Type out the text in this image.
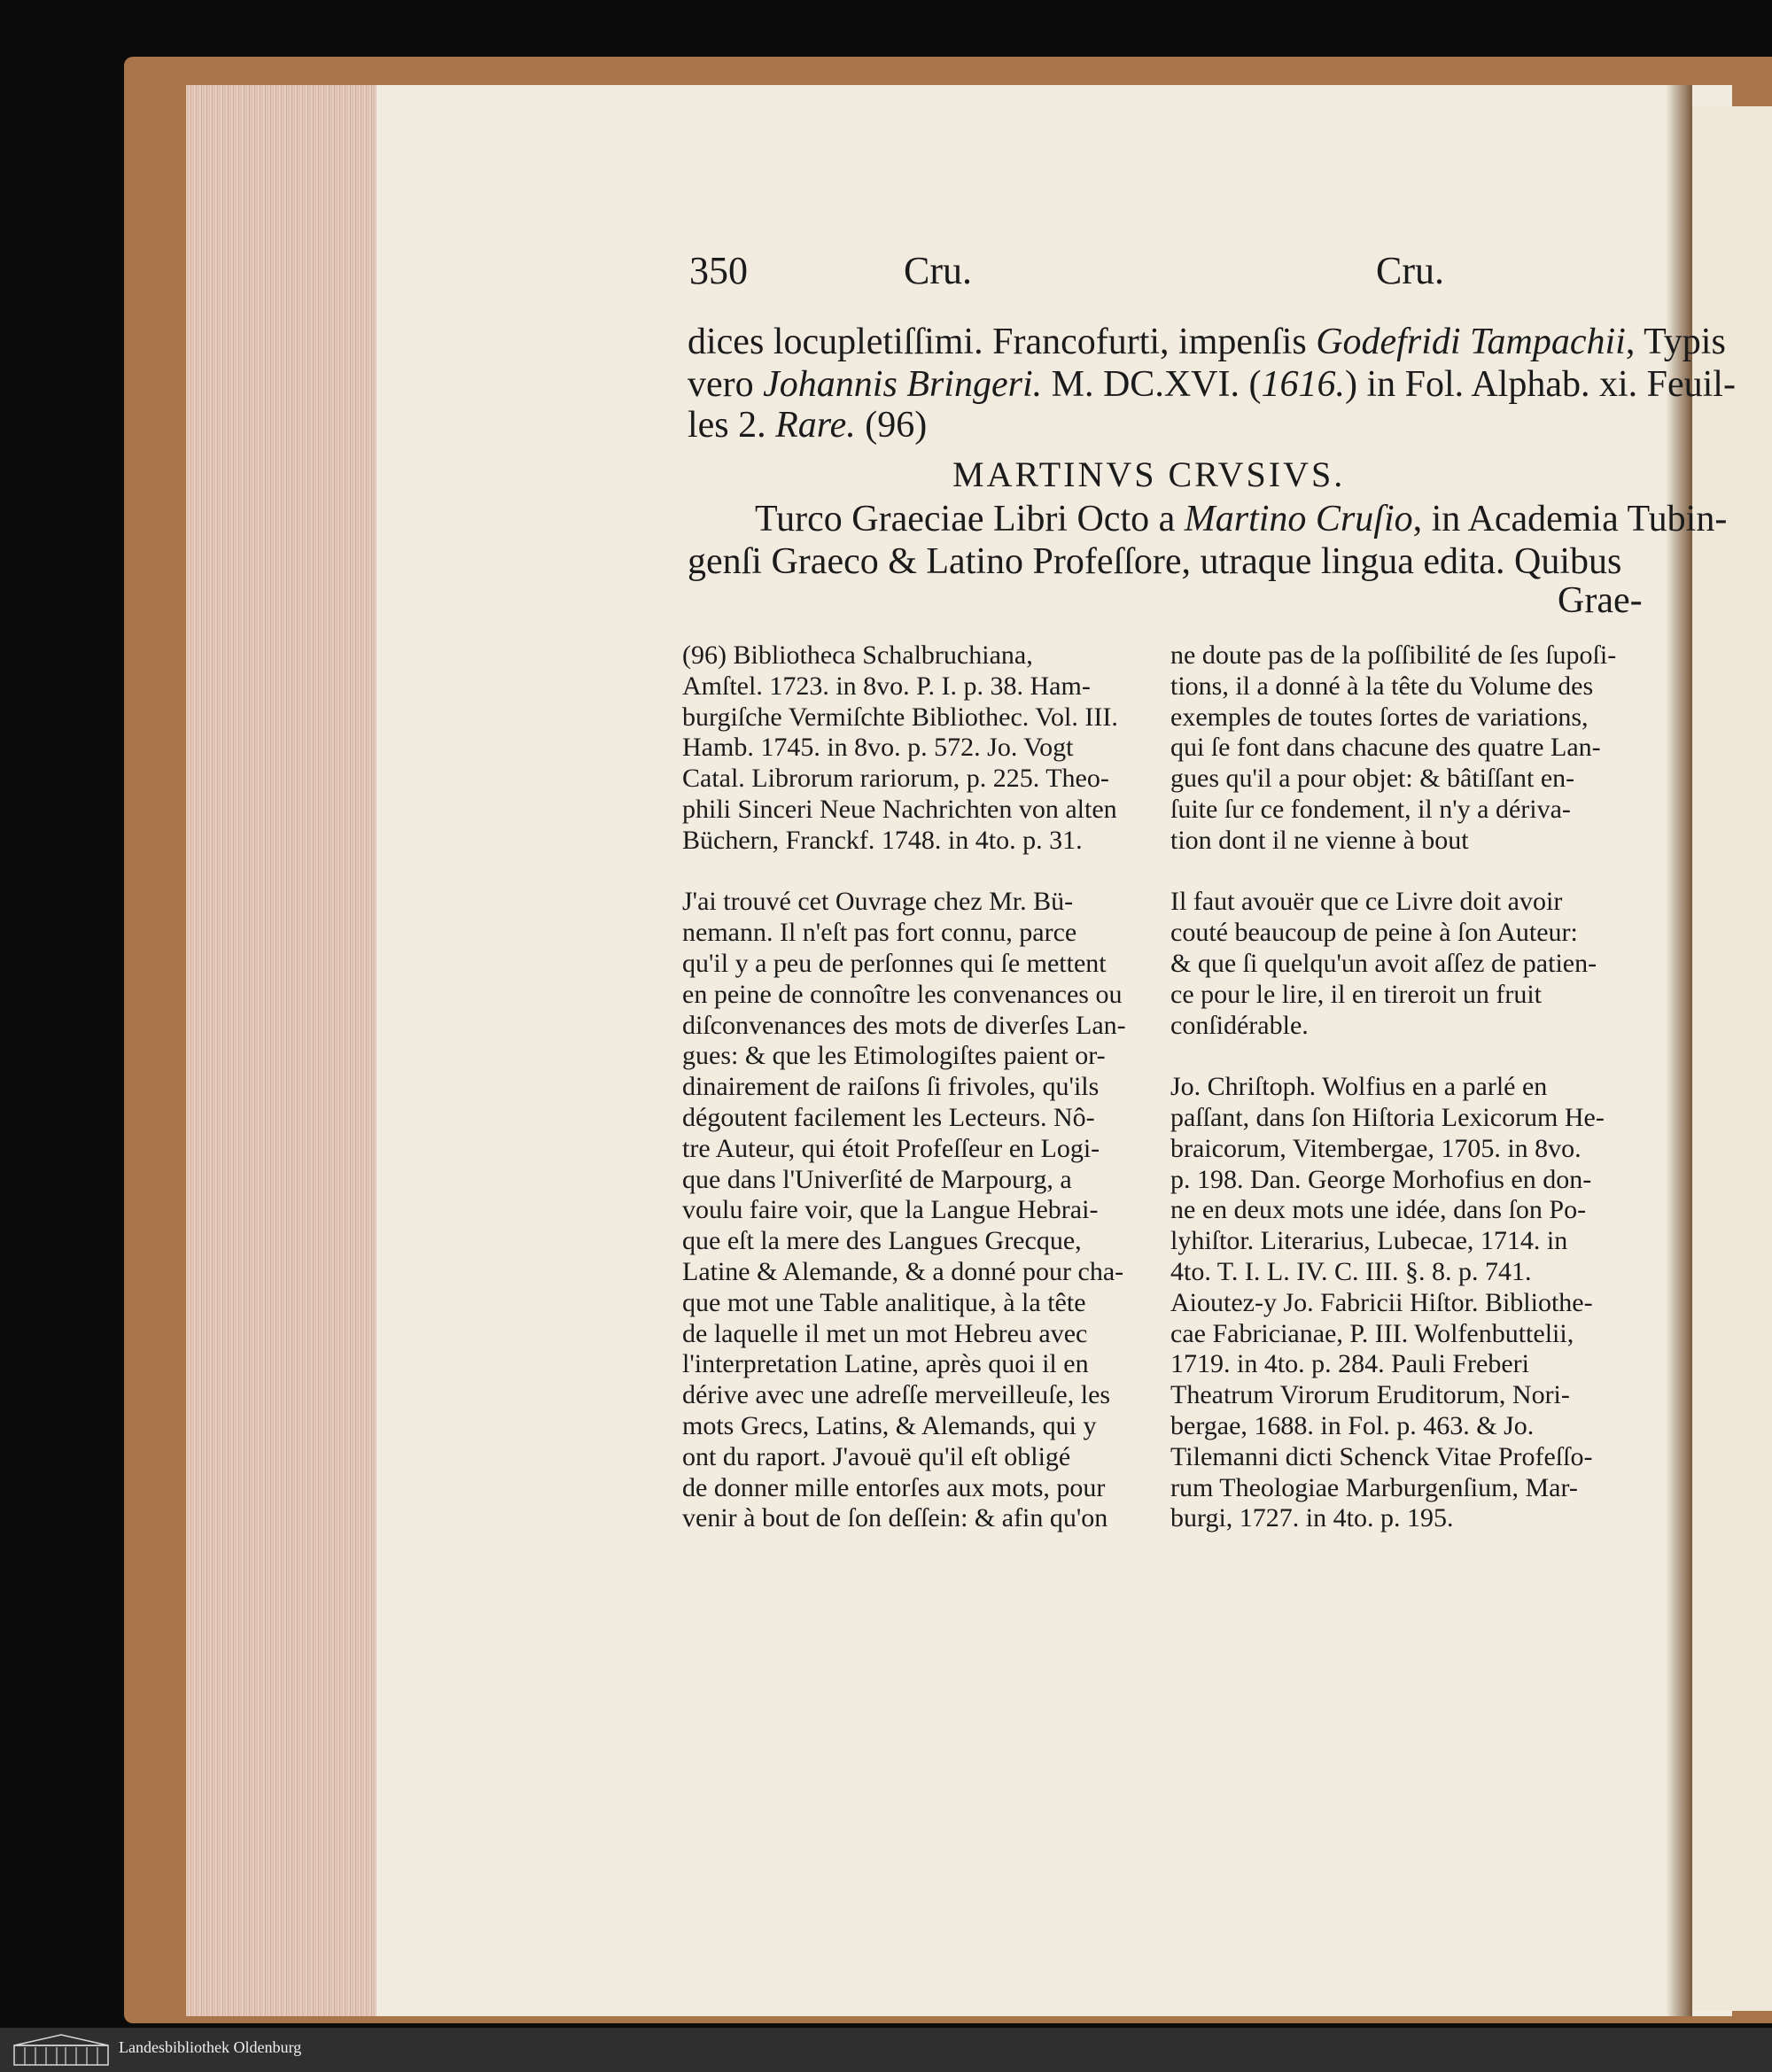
350	Cru.	Cru.
dices locupletiſſimi. Francofurti, impenſis Godefridi Tampachii, Typis
vero Johannis Bringeri. M. DC.XVI. (1616.) in Fol. Alphab. xi. Feuil-
les 2. Rare. (96)
MARTINVS CRVSIVS.
Turco Graeciae Libri Octo a Martino Cruſio, in Academia Tubin-
genſi Graeco & Latino Profeſſore, utraque lingua edita. Quibus
Grae-
(96) Bibliotheca Schalbruchiana,
Amſtel. 1723. in 8vo. P. I. p. 38. Ham-
burgiſche Vermiſchte Bibliothec. Vol. III.
Hamb. 1745. in 8vo. p. 572. Jo. Vogt
Catal. Librorum rariorum, p. 225. Theo-
phili Sinceri Neue Nachrichten von alten
Büchern, Franckf. 1748. in 4to. p. 31.
J'ai trouvé cet Ouvrage chez Mr. Bü-
nemann. Il n'eſt pas fort connu, parce
qu'il y a peu de perſonnes qui ſe mettent
en peine de connoître les convenances ou
diſconvenances des mots de diverſes Lan-
gues: & que les Etimologiſtes paient or-
dinairement de raiſons ſi frivoles, qu'ils
dégoutent facilement les Lecteurs. Nô-
tre Auteur, qui étoit Profeſſeur en Logi-
que dans l'Univerſité de Marpourg, a
voulu faire voir, que la Langue Hebrai-
que eſt la mere des Langues Grecque,
Latine & Alemande, & a donné pour cha-
que mot une Table analitique, à la tête
de laquelle il met un mot Hebreu avec
l'interpretation Latine, après quoi il en
dérive avec une adreſſe merveilleuſe, les
mots Grecs, Latins, & Alemands, qui y
ont du raport. J'avouë qu'il eſt obligé
de donner mille entorſes aux mots, pour
venir à bout de ſon deſſein: & afin qu'on
ne doute pas de la poſſibilité de ſes ſupoſi-
tions, il a donné à la tête du Volume des
exemples de toutes ſortes de variations,
qui ſe font dans chacune des quatre Lan-
gues qu'il a pour objet: & bâtiſſant en-
ſuite ſur ce fondement, il n'y a dériva-
tion dont il ne vienne à bout
Il faut avouër que ce Livre doit avoir
couté beaucoup de peine à ſon Auteur:
& que ſi quelqu'un avoit aſſez de patien-
ce pour le lire, il en tireroit un fruit
conſidérable.
Jo. Chriſtoph. Wolfius en a parlé en
paſſant, dans ſon Hiſtoria Lexicorum He-
braicorum, Vitembergae, 1705. in 8vo.
p. 198. Dan. George Morhofius en don-
ne en deux mots une idée, dans ſon Po-
lyhiſtor. Literarius, Lubecae, 1714. in
4to. T. I. L. IV. C. III. §. 8. p. 741.
Aioutez-y Jo. Fabricii Hiſtor. Bibliothe-
cae Fabricianae, P. III. Wolfenbuttelii,
1719. in 4to. p. 284. Pauli Freberi
Theatrum Virorum Eruditorum, Nori-
bergae, 1688. in Fol. p. 463. & Jo.
Tilemanni dicti Schenck Vitae Profeſſo-
rum Theologiae Marburgenſium, Mar-
burgi, 1727. in 4to. p. 195.
Landesbibliothek Oldenburg
